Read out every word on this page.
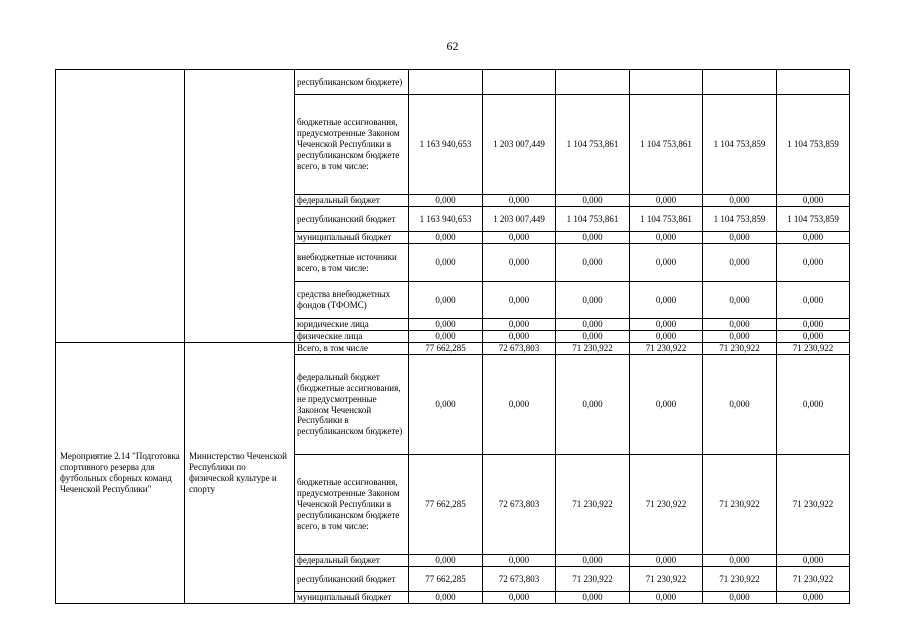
62
		республиканском бюджете)						
		бюджетные ассигнования, предусмотренные Законом Чеченской Республики в республиканском бюджете всего, в том числе:	1 163 940,653	1 203 007,449	1 104 753,861	1 104 753,861	1 104 753,859	1 104 753,859
		федеральный бюджет	0,000	0,000	0,000	0,000	0,000	0,000
		республиканский бюджет	1 163 940,653	1 203 007,449	1 104 753,861	1 104 753,861	1 104 753,859	1 104 753,859
		муниципальный бюджет	0,000	0,000	0,000	0,000	0,000	0,000
		внебюджетные источники всего, в том числе:	0,000	0,000	0,000	0,000	0,000	0,000
		средства внебюджетных фондов (ТФОМС)	0,000	0,000	0,000	0,000	0,000	0,000
		юридические лица	0,000	0,000	0,000	0,000	0,000	0,000
		физические лица	0,000	0,000	0,000	0,000	0,000	0,000
Мероприятие 2.14 "Подготовка спортивного резерва для футбольных сборных команд Чеченской Республики"	Министерство Чеченской Республики по физической культуре и спорту	Всего, в том числе	77 662,285	72 673,803	71 230,922	71 230,922	71 230,922	71 230,922
		федеральный бюджет (бюджетные ассигнования, не предусмотренные Законом Чеченской Республики в республиканском бюджете)	0,000	0,000	0,000	0,000	0,000	0,000
		бюджетные ассигнования, предусмотренные Законом Чеченской Республики в республиканском бюджете всего, в том числе:	77 662,285	72 673,803	71 230,922	71 230,922	71 230,922	71 230,922
		федеральный бюджет	0,000	0,000	0,000	0,000	0,000	0,000
		республиканский бюджет	77 662,285	72 673,803	71 230,922	71 230,922	71 230,922	71 230,922
		муниципальный бюджет	0,000	0,000	0,000	0,000	0,000	0,000
